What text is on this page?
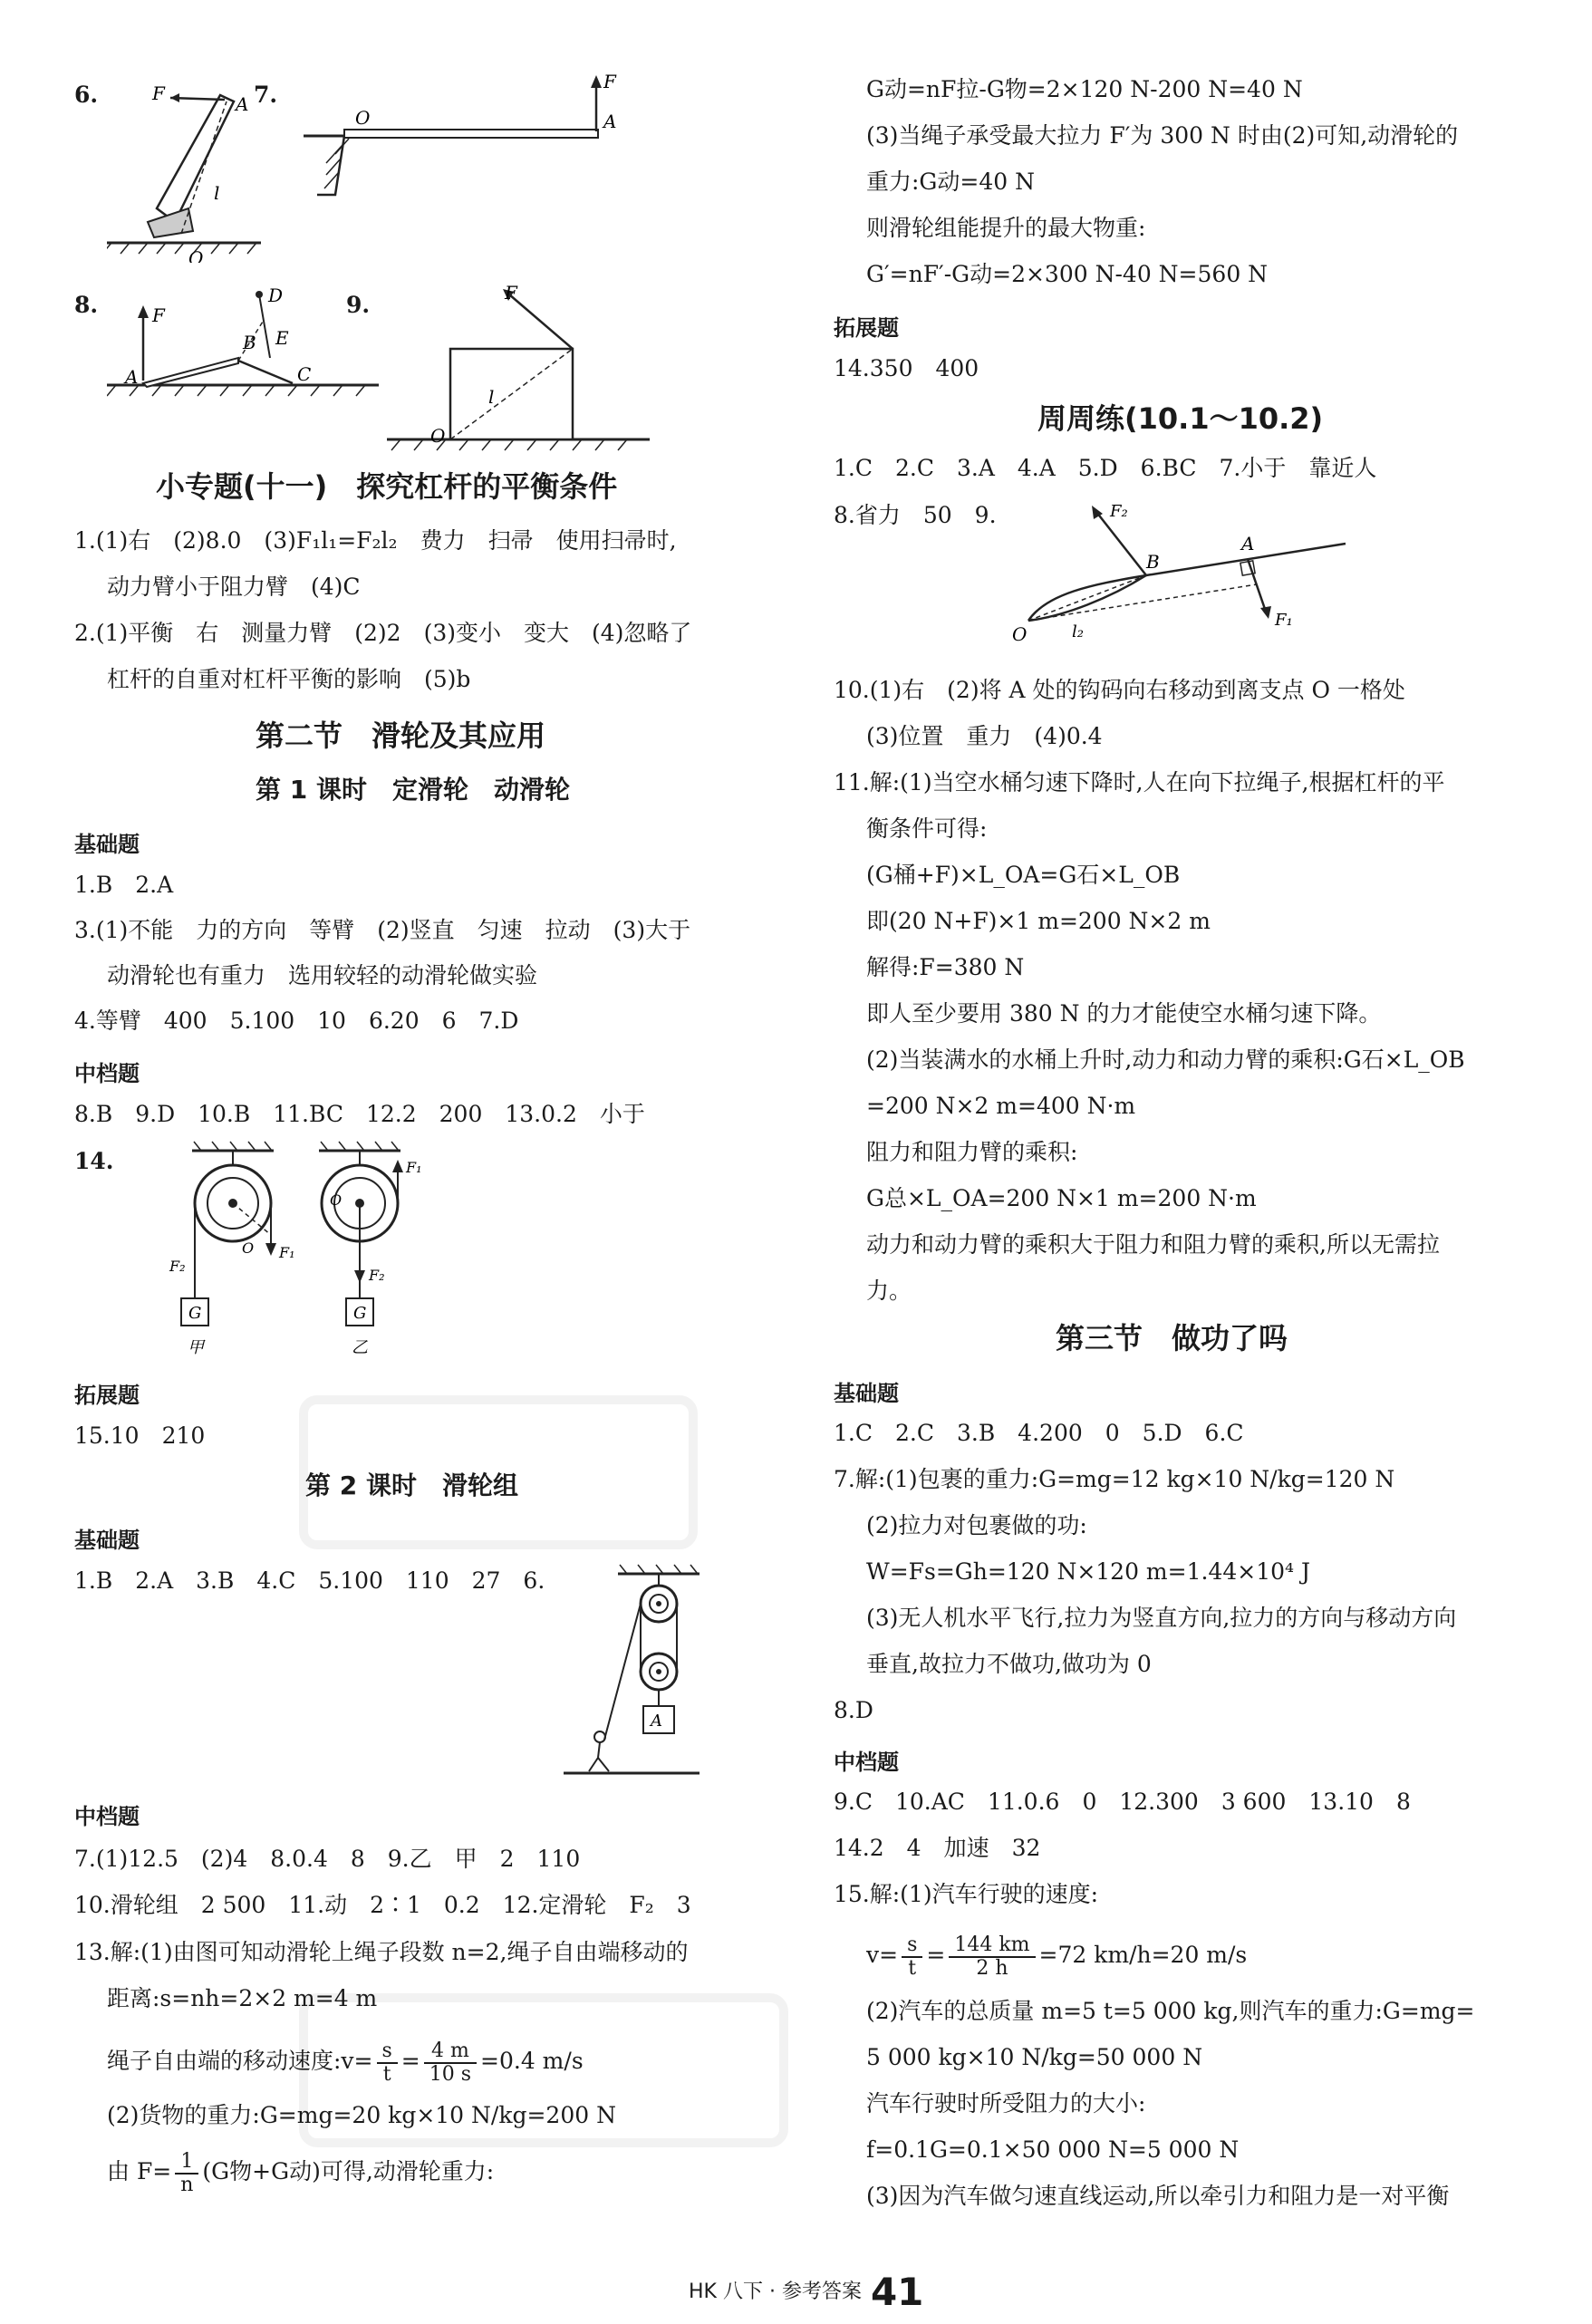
6.	F	A
l
O
7.
O
F
A
8.	F
A
B
D
E
C
9.	F
l
O
小专题(十一)　探究杠杆的平衡条件
1.(1)右　(2)8.0　(3)F₁l₁=F₂l₂　费力　扫帚　使用扫帚时,
动力臂小于阻力臂　(4)C
2.(1)平衡　右　测量力臂　(2)2　(3)变小　变大　(4)忽略了
杠杆的自重对杠杆平衡的影响　(5)b
第二节　滑轮及其应用
第 1 课时　定滑轮　动滑轮
基础题
1.B　2.A
3.(1)不能　力的方向　等臂　(2)竖直　匀速　拉动　(3)大于
动滑轮也有重力　选用较轻的动滑轮做实验
4.等臂　400　5.100　10　6.20　6　7.D
中档题
8.B　9.D　10.B　11.BC　12.2　200　13.0.2　小于
14.
G
F₂
F₁
O
甲
G
F₁
F₂
O
乙
拓展题
15.10　210
第 2 课时　滑轮组
基础题
1.B　2.A　3.B　4.C　5.100　110　27　6.
A
中档题
7.(1)12.5　(2)4　8.0.4　8　9.乙　甲　2　110
10.滑轮组　2 500　11.动　2∶1　0.2　12.定滑轮　F₂　3
13.解:(1)由图可知动滑轮上绳子段数 n=2,绳子自由端移动的
距离:s=nh=2×2 m=4 m
绳子自由端的移动速度:v= $\frac{s}{t} = \frac{4 m}{10 s} =0.4$ m/s
(2)货物的重力:G=mg=20 kg×10 N/kg=200 N
由 $F= \frac{1}{n} (G$物+G动)可得,动滑轮重力:
G动=nF拉-G物=2×120 N-200 N=40 N
(3)当绳子承受最大拉力 F′为 300 N 时由(2)可知,动滑轮的
重力:G动=40 N
则滑轮组能提升的最大物重:
G′=nF′-G动=2×300 N-40 N=560 N
拓展题
14.350　400
周周练(10.1～10.2)
1.C　2.C　3.A　4.A　5.D　6.BC　7.小于　靠近人
8.省力　50　9.	F₂
B
A
F₁
O	l₂
10.(1)右　(2)将 A 处的钩码向右移动到离支点 O 一格处
(3)位置　重力　(4)0.4
11.解:(1)当空水桶匀速下降时,人在向下拉绳子,根据杠杆的平
衡条件可得:
(G桶+F)×L_OA=G石×L_OB
即(20 N+F)×1 m=200 N×2 m
解得:F=380 N
即人至少要用 380 N 的力才能使空水桶匀速下降。
(2)当装满水的水桶上升时,动力和动力臂的乘积:G石×L_OB
=200 N×2 m=400 N·m
阻力和阻力臂的乘积:
G总×L_OA=200 N×1 m=200 N·m
动力和动力臂的乘积大于阻力和阻力臂的乘积,所以无需拉
力。
第三节　做功了吗
基础题
1.C　2.C　3.B　4.200　0　5.D　6.C
7.解:(1)包裹的重力:G=mg=12 kg×10 N/kg=120 N
(2)拉力对包裹做的功:
W=Fs=Gh=120 N×120 m=1.44×10⁴ J
(3)无人机水平飞行,拉力为竖直方向,拉力的方向与移动方向
垂直,故拉力不做功,做功为 0
8.D
中档题
9.C　10.AC　11.0.6　0　12.300　3 600　13.10　8
14.2　4　加速　32
15.解:(1)汽车行驶的速度:
$v= \frac{s}{t} = \frac{144 km}{2 h} =72$ km/h=20 m/s
(2)汽车的总质量 m=5 t=5 000 kg,则汽车的重力:G=mg=
5 000 kg×10 N/kg=50 000 N
汽车行驶时所受阻力的大小:
f=0.1G=0.1×50 000 N=5 000 N
(3)因为汽车做匀速直线运动,所以牵引力和阻力是一对平衡
HK 八下 · 参考答案 41
